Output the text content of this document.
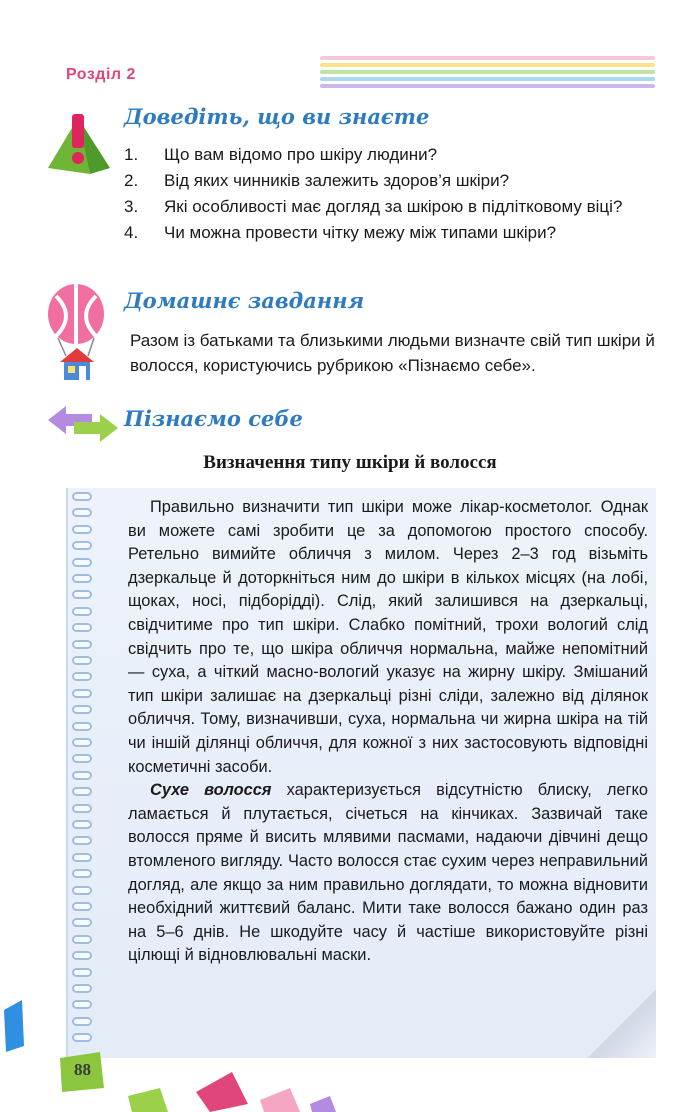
Розділ 2
Доведіть, що ви знаєте
1.	Що вам відомо про шкіру людини?
2.	Від яких чинників залежить здоров’я шкіри?
3.	Які особливості має догляд за шкірою в підлітковому віці?
4.	Чи можна провести чітку межу між типами шкіри?
Домашнє завдання
Разом із батьками та близькими людьми визначте свій тип шкіри й волосся, користуючись рубрикою «Пізнаємо себе».
Пізнаємо себе
Визначення типу шкіри й волосся

Правильно визначити тип шкіри може лікар-косметолог. Однак ви можете самі зробити це за допомогою простого способу. Ретельно вимийте обличчя з милом. Через 2–3 год візьміть дзеркальце й доторкніться ним до шкіри в кількох місцях (на лобі, щоках, носі, підборідді). Слід, який залишився на дзеркальці, свідчитиме про тип шкіри. Слабко помітний, трохи вологий слід свідчить про те, що шкіра обличчя нормальна, майже непомітний — суха, а чіткий масно-вологий указує на жирну шкіру. Змішаний тип шкіри залишає на дзеркальці різні сліди, залежно від ділянок обличчя. Тому, визначивши, суха, нормальна чи жирна шкіра на тій чи іншій ділянці обличчя, для кожної з них застосовують відповідні косметичні засоби.

Сухе волосся характеризується відсутністю блиску, легко ламається й плутається, січеться на кінчиках. Зазвичай таке волосся пряме й висить млявими пасмами, надаючи дівчині дещо втомленого вигляду. Часто волосся стає сухим через неправильний догляд, але якщо за ним правильно доглядати, то можна відновити необхідний життєвий баланс. Мити таке волосся бажано один раз на 5–6 днів. Не шкодуйте часу й частіше використовуйте різні цілющі й відновлювальні маски.

88
